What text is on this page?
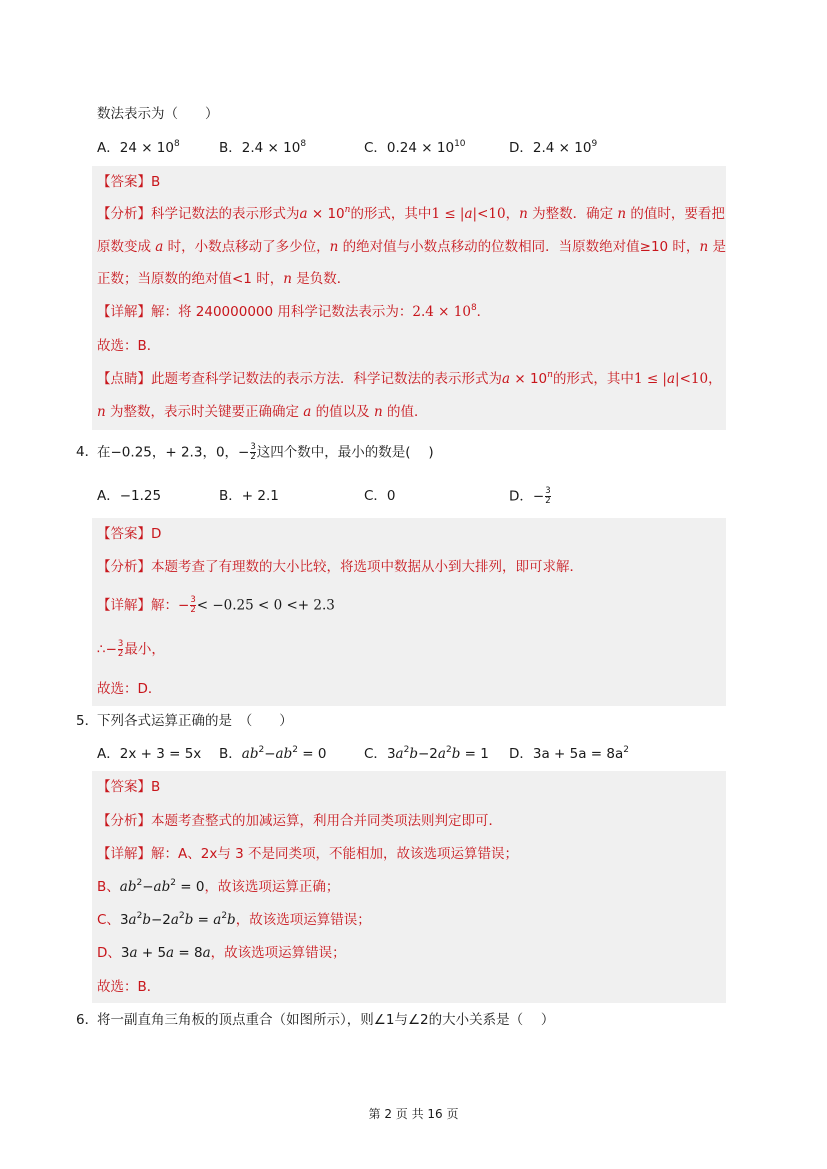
数法表示为（　　）
A．$24 \times 10^8$	B．$2.4 \times 10^8$	C．$0.24 \times 10^{10}$	D．$2.4 \times 10^9$
【答案】B
【分析】科学记数法的表示形式为$a \times 10^n$的形式，其中1 ≤ |a|<10，n 为整数．确定 n 的值时，要看把
原数变成 a 时，小数点移动了多少位，n 的绝对值与小数点移动的位数相同．当原数绝对值≥10 时，n 是
正数；当原数的绝对值<1 时，n 是负数．
【详解】解：将 240000000 用科学记数法表示为：$2.4 \times 10^8$．
故选：B．
【点睛】此题考查科学记数法的表示方法．科学记数法的表示形式为$a \times 10^n$的形式，其中1 ≤ |a|<10，
n 为整数，表示时关键要正确确定 a 的值以及 n 的值．
4．
在−0.25，+ 2.3，0，− $\frac{3}{2}$ 这四个数中，最小的数是(　 )
A．−1.25	B．+ 2.1	C．0	D．− $\frac{3}{2}$
【答案】D
【分析】本题考查了有理数的大小比较，将选项中数据从小到大排列，即可求解．
【详解】解：− $\frac{3}{2} < -0.25 < 0 <+ 2.3$
∴− $\frac{3}{2}$ 最小，
故选：D．
5．
下列各式运算正确的是　（　　）
A．2x + 3 = 5x B．$ab^2-ab^2 = 0$	C．$3a^2b-2a^2b = 1$ D．$3a + 5a = 8a^2$
【答案】B
【分析】本题考查整式的加减运算，利用合并同类项法则判定即可．
【详解】解：A、2x与 3 不是同类项，不能相加，故该选项运算错误；
B、$ab^2-ab^2 = 0$，故该选项运算正确；
C、$3a^2b-2a^2b = a^2b$，故该选项运算错误；
D、3a + 5a = 8a，故该选项运算错误；
故选：B．
6．
将一副直角三角板的顶点重合（如图所示），则∠1与∠2的大小关系是（　 ）
第 2 页 共 16 页
